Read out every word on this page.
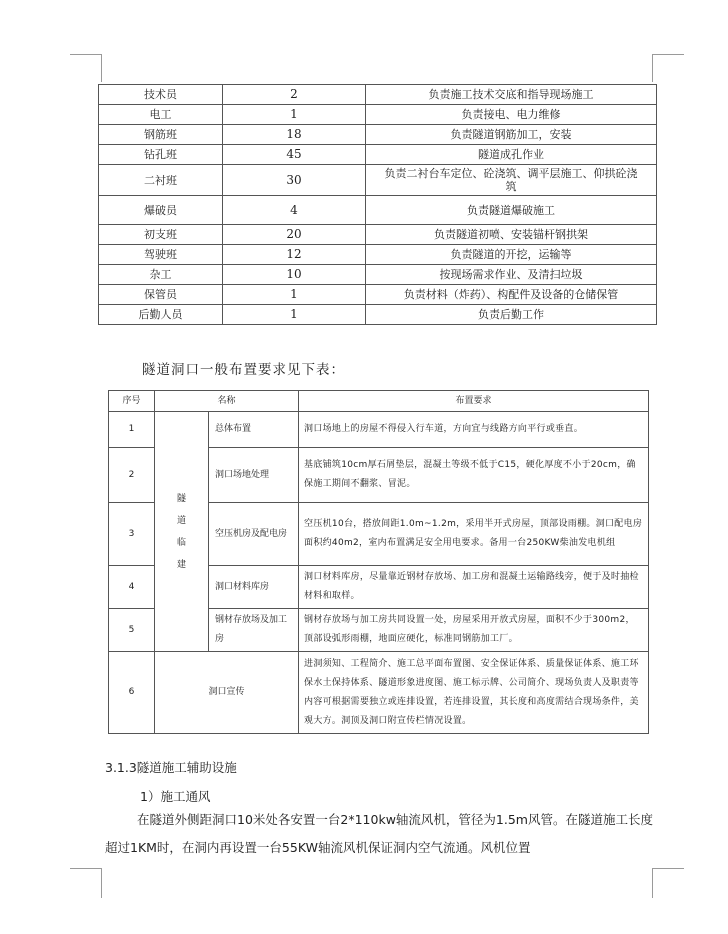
技术员	2	负责施工技术交底和指导现场施工
电工	1	负责接电、电力维修
钢筋班	18	负责隧道钢筋加工，安装
钻孔班	45	隧道成孔作业
二衬班	30	负责二衬台车定位、砼浇筑、调平层施工、仰拱砼浇筑
爆破员	4	负责隧道爆破施工
初支班	20	负责隧道初喷、安装锚杆钢拱架
驾驶班	12	负责隧道的开挖，运输等
杂工	10	按现场需求作业、及清扫垃圾
保管员	1	负责材料（炸药）、构配件及设备的仓储保管
后勤人员	1	负责后勤工作
隧道洞口一般布置要求见下表：
序号	名称		布置要求
1	隧道临建	总体布置	洞口场地上的房屋不得侵入行车道，方向宜与线路方向平行或垂直。
2		洞口场地处理	基底铺筑10cm厚石屑垫层，混凝土等级不低于C15，硬化厚度不小于20cm，确保施工期间不翻浆、冒泥。
3		空压机房及配电房	空压机10台，搭放间距1.0m~1.2m，采用半开式房屋，顶部设雨棚。洞口配电房面积约40m2，室内布置满足安全用电要求。备用一台250KW柴油发电机组
4		洞口材料库房	洞口材料库房，尽量靠近钢材存放场、加工房和混凝土运输路线旁，便于及时抽检材料和取样。
5		钢材存放场及加工房	钢材存放场与加工房共同设置一处，房屋采用开放式房屋，面积不少于300m2，顶部设弧形雨棚，地面应硬化，标准同钢筋加工厂。
6	洞口宣传		进洞须知、工程简介、施工总平面布置图、安全保证体系、质量保证体系、施工环保水土保持体系、隧道形象进度图、施工标示牌、公司简介、现场负责人及职责等内容可根据需要独立或连排设置，若连排设置，其长度和高度需结合现场条件，美观大方。洞顶及洞口附宣传栏情况设置。
3.1.3隧道施工辅助设施
1）施工通风
在隧道外侧距洞口10米处各安置一台2*110kw轴流风机，管径为1.5m风管。在隧道施工长度超过1KM时，在洞内再设置一台55KW轴流风机保证洞内空气流通。风机位置
